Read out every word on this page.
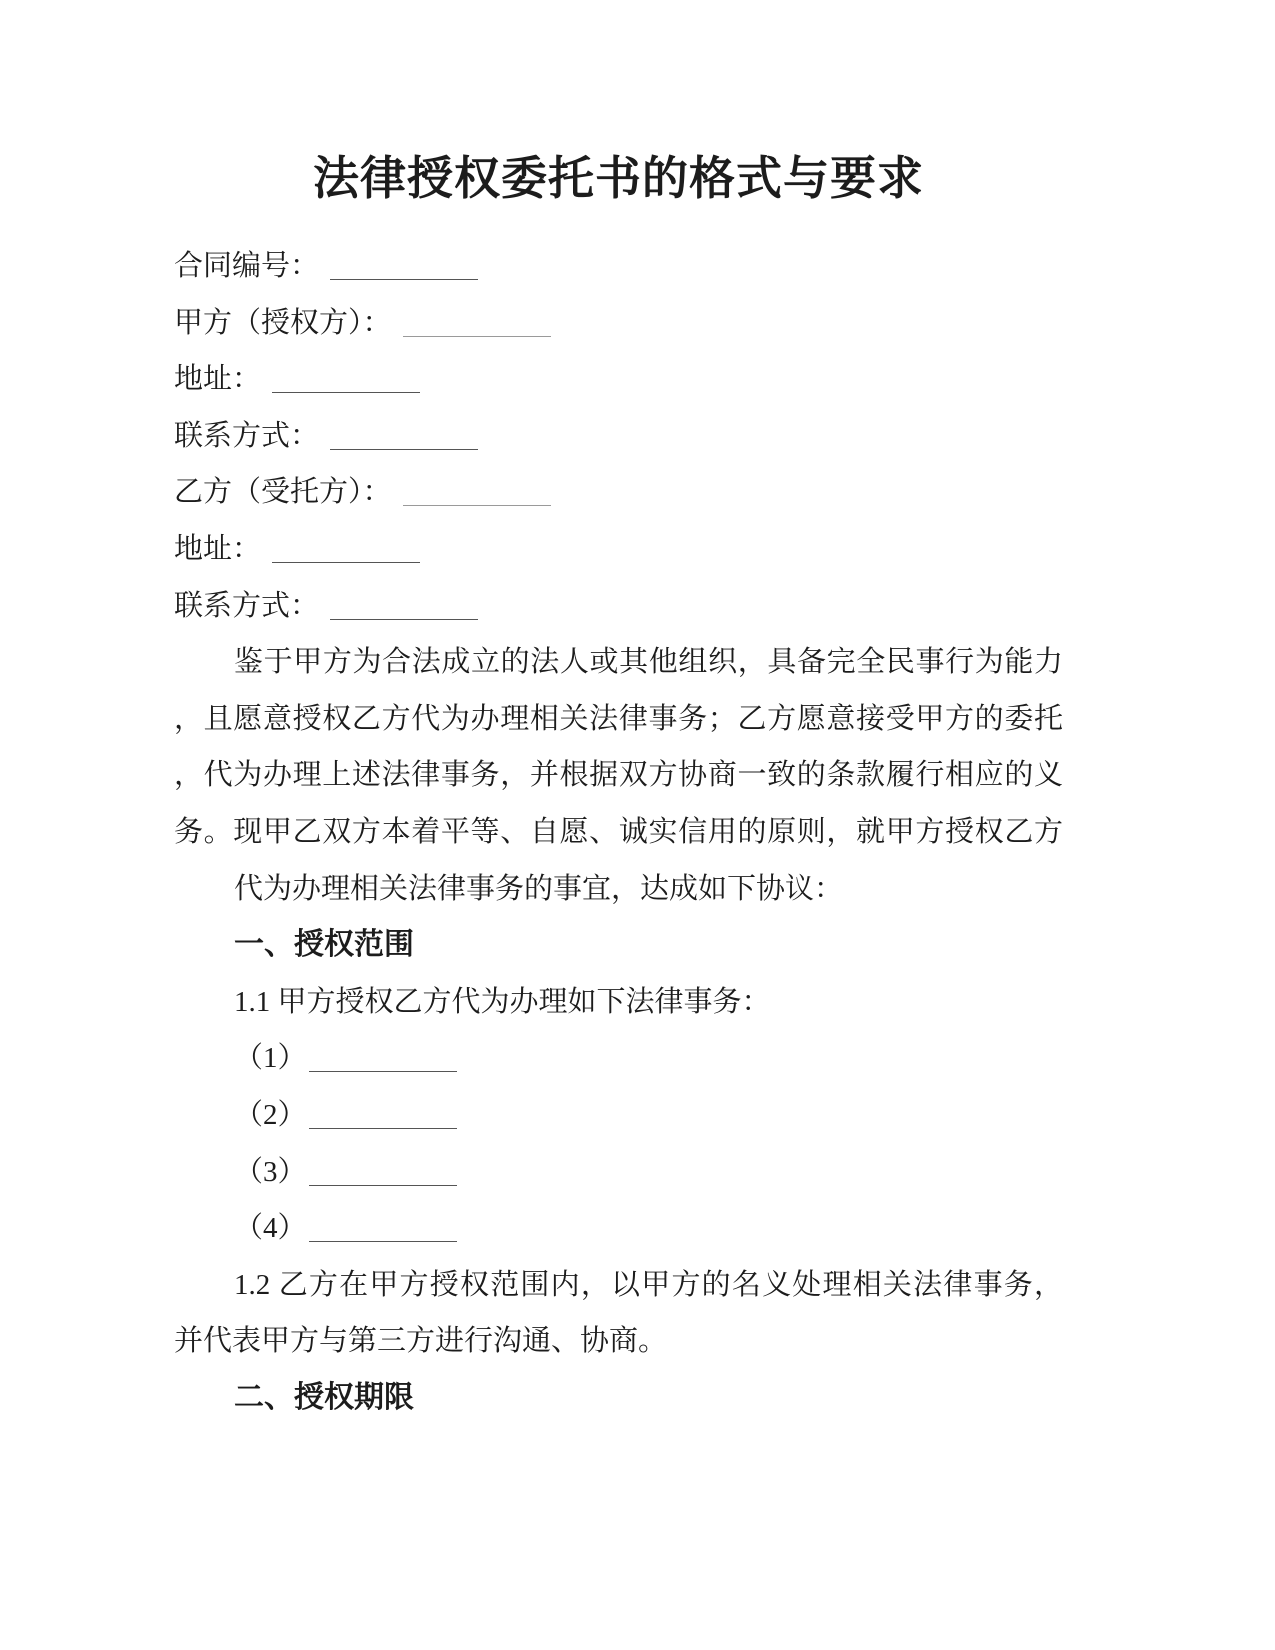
法律授权委托书的格式与要求
合同编号：
甲方（授权方）：
地址：
联系方式：
乙方（受托方）：
地址：
联系方式：
鉴于甲方为合法成立的法人或其他组织，具备完全民事行为能力
，且愿意授权乙方代为办理相关法律事务；乙方愿意接受甲方的委托
，代为办理上述法律事务，并根据双方协商一致的条款履行相应的义
务。现甲乙双方本着平等、自愿、诚实信用的原则，就甲方授权乙方
代为办理相关法律事务的事宜，达成如下协议：
一、授权范围
1.1 甲方授权乙方代为办理如下法律事务：
（1）
（2）
（3）
（4）
1.2 乙方在甲方授权范围内，以甲方的名义处理相关法律事务，
并代表甲方与第三方进行沟通、协商。
二、授权期限
